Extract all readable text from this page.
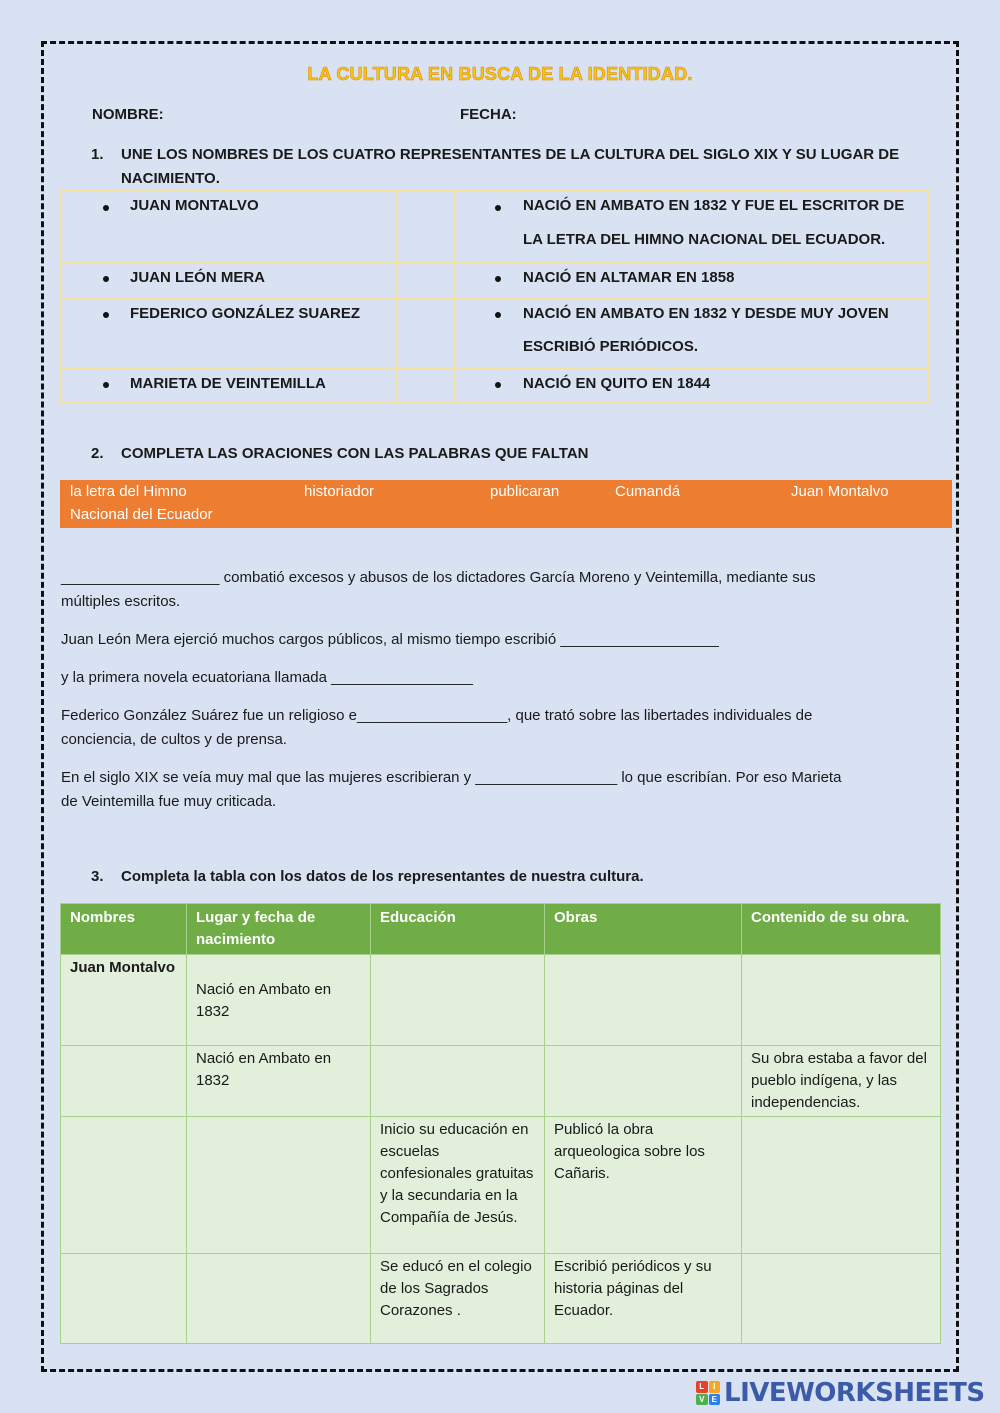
LA CULTURA EN BUSCA DE LA IDENTIDAD.
NOMBRE:	FECHA:
1. UNE LOS NOMBRES DE LOS CUATRO REPRESENTANTES DE LA CULTURA DEL SIGLO XIX Y SU LUGAR DE
NACIMIENTO.
JUAN MONTALVO	NACIÓ EN AMBATO EN 1832 Y FUE EL ESCRITOR DE
LA LETRA DEL HIMNO NACIONAL DEL ECUADOR.
JUAN LEÓN MERA	NACIÓ EN ALTAMAR EN 1858
FEDERICO GONZÁLEZ SUAREZ	NACIÓ EN AMBATO EN 1832 Y DESDE MUY JOVEN
ESCRIBIÓ PERIÓDICOS.
MARIETA DE VEINTEMILLA	NACIÓ EN QUITO EN 1844
2. COMPLETA LAS ORACIONES CON LAS PALABRAS QUE FALTAN
la letra del Himno
Nacional del Ecuador
historiador	publicaran	Cumandá	Juan Montalvo
___________________ combatió excesos y abusos de los dictadores García Moreno y Veintemilla, mediante sus
múltiples escritos.
Juan León Mera ejerció muchos cargos públicos, al mismo tiempo escribió ___________________
y la primera novela ecuatoriana llamada _________________
Federico González Suárez fue un religioso e__________________, que trató sobre las libertades individuales de
conciencia, de cultos y de prensa.
En el siglo XIX se veía muy mal que las mujeres escribieran y _________________ lo que escribían. Por eso Marieta
de Veintemilla fue muy criticada.
3. Completa la tabla con los datos de los representantes de nuestra cultura.
Nombres	Lugar y fecha de nacimiento	Educación	Obras	Contenido de su obra.
Juan Montalvo	Nació en Ambato en 1832			
	Nació en Ambato en 1832			Su obra estaba a favor del pueblo indígena, y las independencias.
		Inicio su educación en escuelas confesionales gratuitas y la secundaria en la Compañía de Jesús.	Publicó la obra arqueologica sobre los Cañaris.	
		Se educó en el colegio de los Sagrados Corazones .	Escribió periódicos y su historia páginas del Ecuador.	
L	I
V E LIVEWORKSHEETS
